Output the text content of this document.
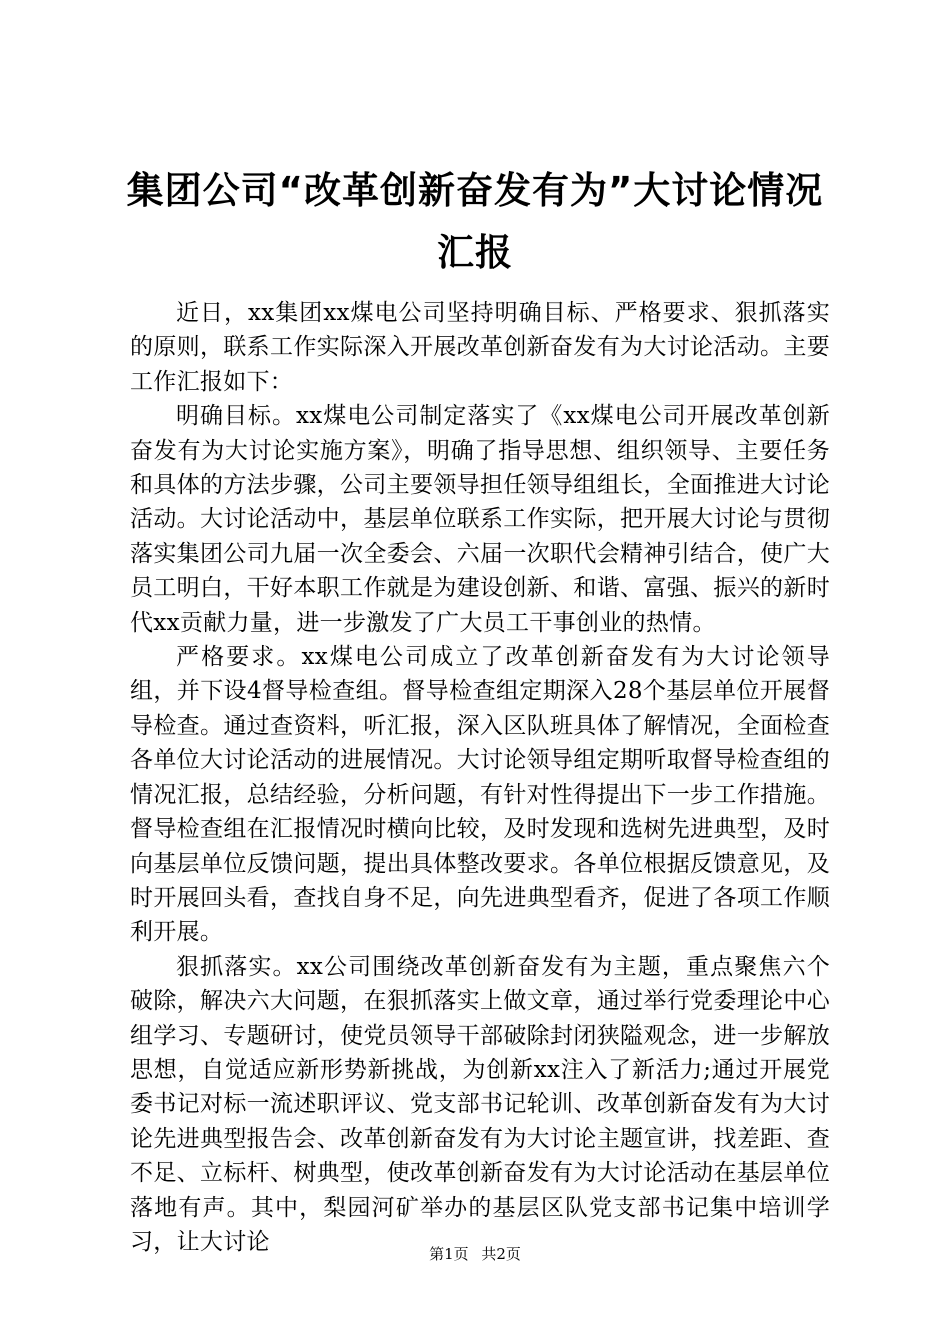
集团公司“改革创新奋发有为”大讨论情况汇报

近日，xx集团xx煤电公司坚持明确目标、严格要求、狠抓落实的原则，联系工作实际深入开展改革创新奋发有为大讨论活动。主要工作汇报如下：

明确目标。xx煤电公司制定落实了《xx煤电公司开展改革创新奋发有为大讨论实施方案》，明确了指导思想、组织领导、主要任务和具体的方法步骤，公司主要领导担任领导组组长，全面推进大讨论活动。大讨论活动中，基层单位联系工作实际，把开展大讨论与贯彻落实集团公司九届一次全委会、六届一次职代会精神引结合，使广大员工明白，干好本职工作就是为建设创新、和谐、富强、振兴的新时代xx贡献力量，进一步激发了广大员工干事创业的热情。

严格要求。xx煤电公司成立了改革创新奋发有为大讨论领导组，并下设4督导检查组。督导检查组定期深入28个基层单位开展督导检查。通过查资料，听汇报，深入区队班具体了解情况，全面检查各单位大讨论活动的进展情况。大讨论领导组定期听取督导检查组的情况汇报，总结经验，分析问题，有针对性得提出下一步工作措施。督导检查组在汇报情况时横向比较，及时发现和选树先进典型，及时向基层单位反馈问题，提出具体整改要求。各单位根据反馈意见，及时开展回头看，查找自身不足，向先进典型看齐，促进了各项工作顺利开展。

狠抓落实。xx公司围绕改革创新奋发有为主题，重点聚焦六个破除，解决六大问题，在狠抓落实上做文章，通过举行党委理论中心组学习、专题研讨，使党员领导干部破除封闭狭隘观念，进一步解放思想，自觉适应新形势新挑战，为创新xx注入了新活力;通过开展党委书记对标一流述职评议、党支部书记轮训、改革创新奋发有为大讨论先进典型报告会、改革创新奋发有为大讨论主题宣讲，找差距、查不足、立标杆、树典型，使改革创新奋发有为大讨论活动在基层单位落地有声。其中，梨园河矿举办的基层区队党支部书记集中培训学习，让大讨论	第1页 共2页
